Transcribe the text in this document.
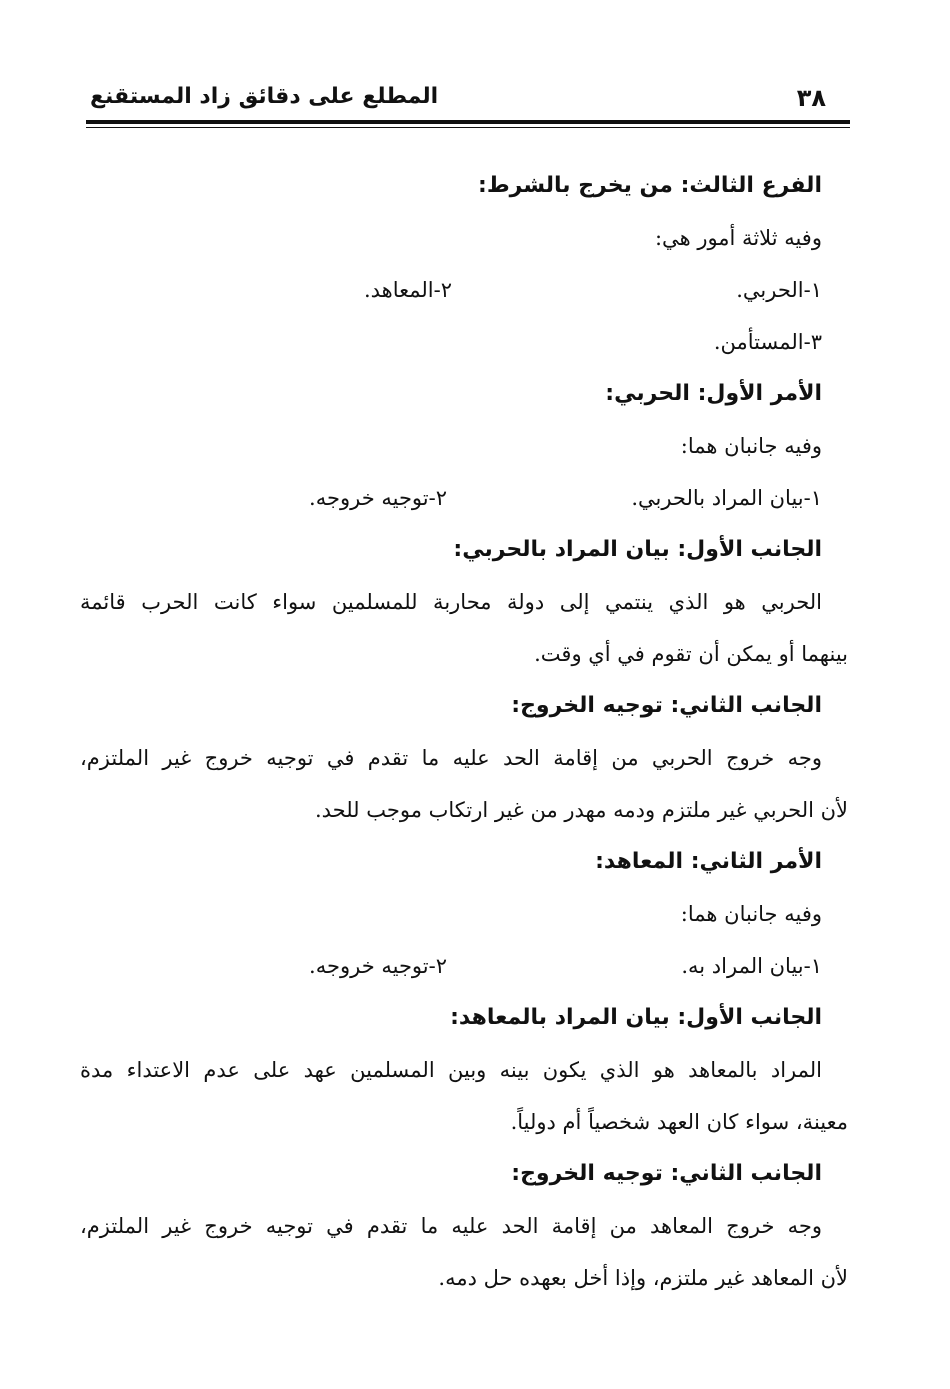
٣٨
المطلع على دقائق زاد المستقنع
الفرع الثالث: من يخرج بالشرط:
وفيه ثلاثة أمور هي:
١-الحربي.
٢-المعاهد.
٣-المستأمن.
الأمر الأول: الحربي:
وفيه جانبان هما:
١-بيان المراد بالحربي.
٢-توجيه خروجه.
الجانب الأول: بيان المراد بالحربي:
الحربي هو الذي ينتمي إلى دولة محاربة للمسلمين سواء كانت الحرب قائمة
بينهما أو يمكن أن تقوم في أي وقت.
الجانب الثاني: توجيه الخروج:
وجه خروج الحربي من إقامة الحد عليه ما تقدم في توجيه خروج غير الملتزم،
لأن الحربي غير ملتزم ودمه مهدر من غير ارتكاب موجب للحد.
الأمر الثاني: المعاهد:
وفيه جانبان هما:
١-بيان المراد به.
٢-توجيه خروجه.
الجانب الأول: بيان المراد بالمعاهد:
المراد بالمعاهد هو الذي يكون بينه وبين المسلمين عهد على عدم الاعتداء مدة
معينة، سواء كان العهد شخصياً أم دولياً.
الجانب الثاني: توجيه الخروج:
وجه خروج المعاهد من إقامة الحد عليه ما تقدم في توجيه خروج غير الملتزم،
لأن المعاهد غير ملتزم، وإذا أخل بعهده حل دمه.
